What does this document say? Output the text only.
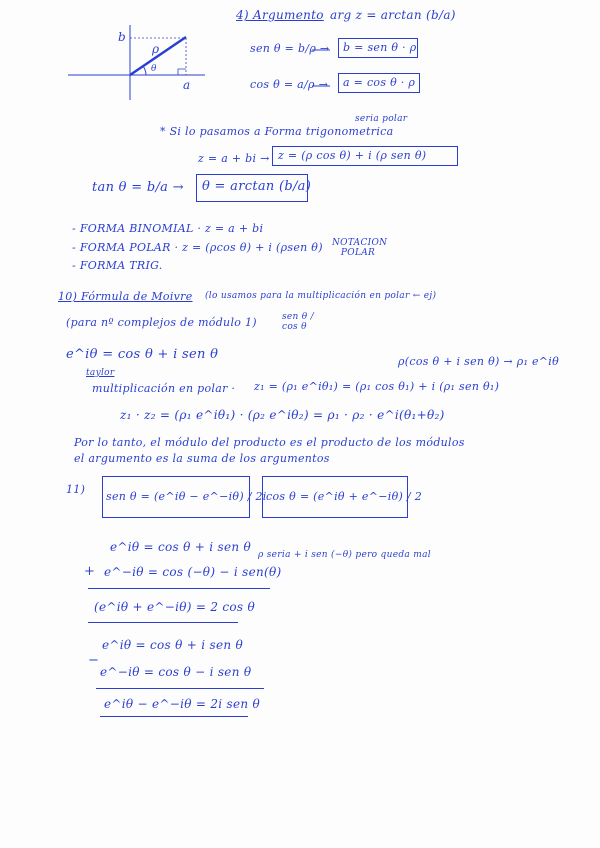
b
ρ
θ
a
4) Argumento arg z = arctan (b/a)
sen θ = b/ρ → b = sen θ · ρ
cos θ = a/ρ → a = cos θ · ρ
seria polar
* Si lo pasamos a Forma trigonometrica
z = a + bi → z = (ρ cos θ) + i (ρ sen θ)
tan θ = b/a → θ = arctan (b/a)
- FORMA BINOMIAL · z = a + bi
- FORMA POLAR · z = (ρcos θ) + i (ρsen θ) NOTACION POLAR
- FORMA TRIG.
10) Fórmula de Moivre (lo usamos para la multiplicación en polar ← ej)
(para nº complejos de módulo 1)	sen θ / cos θ
e^iθ = cos θ + i sen θ
taylor
ρ(cos θ + i sen θ) → ρ₁ e^iθ
multiplicación en polar · z₁ = (ρ₁ e^iθ₁) = (ρ₁ cos θ₁) + i (ρ₁ sen θ₁)
z₁ · z₂ = (ρ₁ e^iθ₁) · (ρ₂ e^iθ₂) = ρ₁ · ρ₂ · e^i(θ₁+θ₂)
Por lo tanto, el módulo del producto es el producto de los módulos
el argumento es la suma de los argumentos
11)
sen θ = (e^iθ − e^−iθ) / 2i cos θ = (e^iθ + e^−iθ) / 2
e^iθ = cos θ + i sen θ
ρ seria + i sen (−θ) pero queda mal
+ e^−iθ = cos (−θ) − i sen(θ)
(e^iθ + e^−iθ) = 2 cos θ
e^iθ = cos θ + i sen θ
−
e^−iθ = cos θ − i sen θ
e^iθ − e^−iθ = 2i sen θ
